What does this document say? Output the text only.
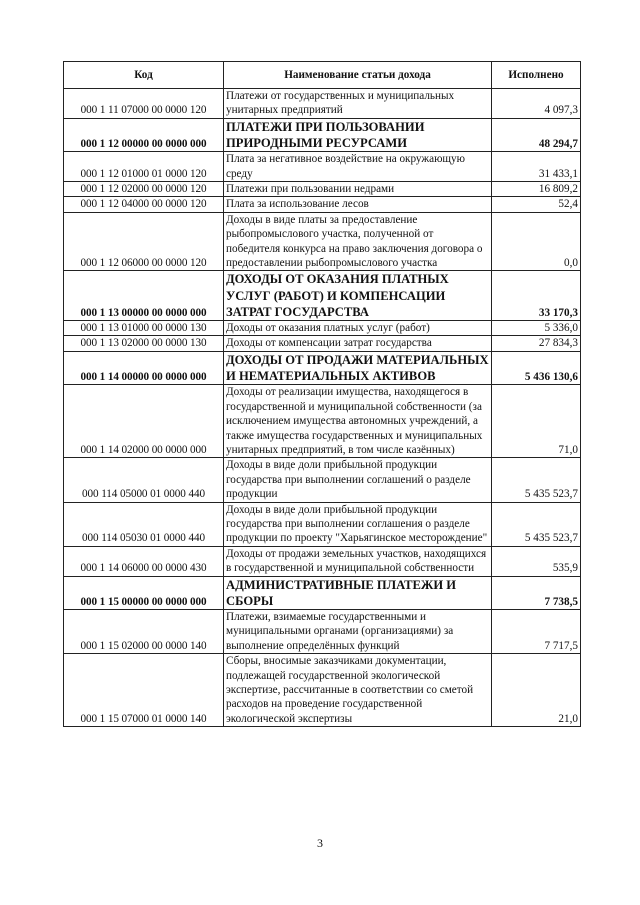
Код	Наименование статьи дохода	Исполнено
000 1 11 07000 00 0000 120	Платежи от государственных и муниципальных унитарных предприятий	4 097,3
000 1 12 00000 00 0000 000	ПЛАТЕЖИ ПРИ ПОЛЬЗОВАНИИ ПРИРОДНЫМИ РЕСУРСАМИ	48 294,7
000 1 12 01000 01 0000 120	Плата за негативное воздействие на окружающую среду	31 433,1
000 1 12 02000 00 0000 120	Платежи при пользовании недрами	16 809,2
000 1 12 04000 00 0000 120	Плата за использование лесов	52,4
000 1 12 06000 00 0000 120	Доходы в виде платы за предоставление рыбопромыслового участка, полученной от победителя конкурса на право заключения договора о предоставлении рыбопромыслового участка	0,0
000 1 13 00000 00 0000 000	ДОХОДЫ ОТ ОКАЗАНИЯ ПЛАТНЫХ УСЛУГ (РАБОТ) И КОМПЕНСАЦИИ ЗАТРАТ ГОСУДАРСТВА	33 170,3
000 1 13 01000 00 0000 130	Доходы от оказания платных услуг (работ)	5 336,0
000 1 13 02000 00 0000 130	Доходы от компенсации затрат государства	27 834,3
000 1 14 00000 00 0000 000	ДОХОДЫ ОТ ПРОДАЖИ МАТЕРИАЛЬНЫХ И НЕМАТЕРИАЛЬНЫХ АКТИВОВ	5 436 130,6
000 1 14 02000 00 0000 000	Доходы от реализации имущества, находящегося в государственной и муниципальной собственности (за исключением имущества автономных учреждений, а также имущества государственных и муниципальных унитарных предприятий, в том числе казённых)	71,0
000 114 05000 01 0000 440	Доходы в виде доли прибыльной продукции государства при выполнении соглашений о разделе продукции	5 435 523,7
000 114 05030 01 0000 440	Доходы в виде доли прибыльной продукции государства при выполнении соглашения о разделе продукции по проекту "Харьягинское месторождение"	5 435 523,7
000 1 14 06000 00 0000 430	Доходы от продажи земельных участков, находящихся в государственной и муниципальной собственности	535,9
000 1 15 00000 00 0000 000	АДМИНИСТРАТИВНЫЕ ПЛАТЕЖИ И СБОРЫ	7 738,5
000 1 15 02000 00 0000 140	Платежи, взимаемые государственными и муниципальными органами (организациями) за выполнение определённых функций	7 717,5
000 1 15 07000 01 0000 140	Сборы, вносимые заказчиками документации, подлежащей государственной экологической экспертизе, рассчитанные в соответствии со сметой расходов на проведение государственной экологической экспертизы	21,0
3
